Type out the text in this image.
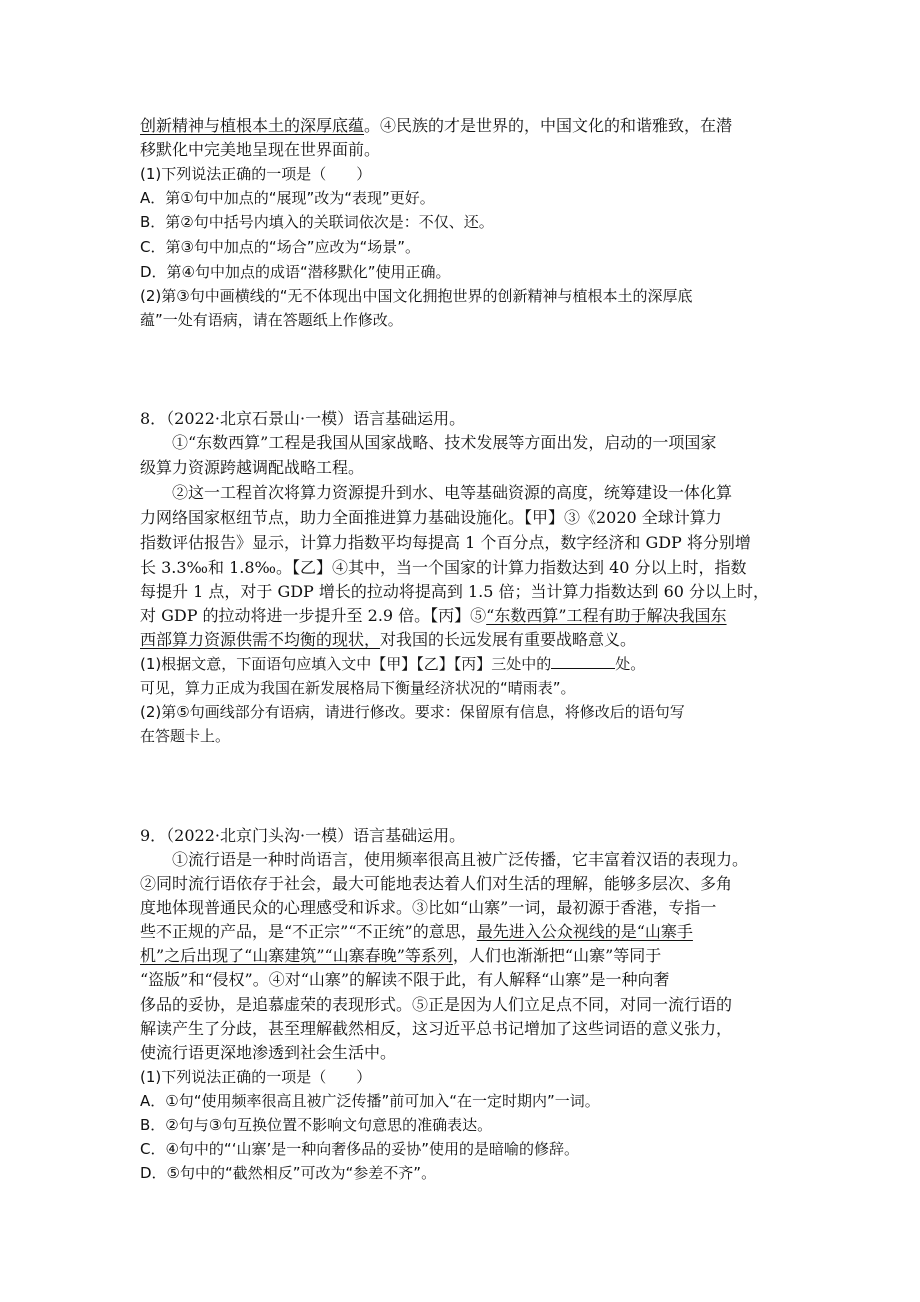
创新精神与植根本土的深厚底蕴。④民族的才是世界的，中国文化的和谐雅致，在潜
移默化中完美地呈现在世界面前。
(1)下列说法正确的一项是（　　）
A．第①句中加点的“展现”改为“表现”更好。
B．第②句中括号内填入的关联词依次是：不仅、还。
C．第③句中加点的“场合”应改为“场景”。
D．第④句中加点的成语“潜移默化”使用正确。
(2)第③句中画横线的“无不体现出中国文化拥抱世界的创新精神与植根本土的深厚底
蕴”一处有语病，请在答题纸上作修改。
8．（2022·北京石景山·一模）语言基础运用。
①“东数西算”工程是我国从国家战略、技术发展等方面出发，启动的一项国家
级算力资源跨越调配战略工程。
②这一工程首次将算力资源提升到水、电等基础资源的高度，统筹建设一体化算
力网络国家枢纽节点，助力全面推进算力基础设施化。【甲】③《2020 全球计算力
指数评估报告》显示，计算力指数平均每提高 1 个百分点，数字经济和 GDP 将分别增
长 3.3‰和 1.8‰。【乙】④其中，当一个国家的计算力指数达到 40 分以上时，指数
每提升 1 点，对于 GDP 增长的拉动将提高到 1.5 倍；当计算力指数达到 60 分以上时，
对 GDP 的拉动将进一步提升至 2.9 倍。【丙】⑤“东数西算”工程有助于解决我国东
西部算力资源供需不均衡的现状，对我国的长远发展有重要战略意义。
(1)根据文意，下面语句应填入文中【甲】【乙】【丙】三处中的	处。
可见，算力正成为我国在新发展格局下衡量经济状况的“晴雨表”。
(2)第⑤句画线部分有语病，请进行修改。要求：保留原有信息，将修改后的语句写
在答题卡上。
9．（2022·北京门头沟·一模）语言基础运用。
①流行语是一种时尚语言，使用频率很高且被广泛传播，它丰富着汉语的表现力。
②同时流行语依存于社会，最大可能地表达着人们对生活的理解，能够多层次、多角
度地体现普通民众的心理感受和诉求。③比如“山寨”一词，最初源于香港，专指一
些不正规的产品，是“不正宗”“不正统”的意思，最先进入公众视线的是“山寨手
机”之后出现了“山寨建筑”“山寨春晚”等系列，人们也渐渐把“山寨”等同于
“盗版”和“侵权”。④对“山寨”的解读不限于此，有人解释“山寨”是一种向奢
侈品的妥协，是追慕虚荣的表现形式。⑤正是因为人们立足点不同，对同一流行语的
解读产生了分歧，甚至理解截然相反，这习近平总书记增加了这些词语的意义张力，
使流行语更深地渗透到社会生活中。
(1)下列说法正确的一项是（　　）
A．①句“使用频率很高且被广泛传播”前可加入“在一定时期内”一词。
B．②句与③句互换位置不影响文句意思的准确表达。
C．④句中的“‘山寨’是一种向奢侈品的妥协”使用的是暗喻的修辞。
D．⑤句中的“截然相反”可改为“参差不齐”。
